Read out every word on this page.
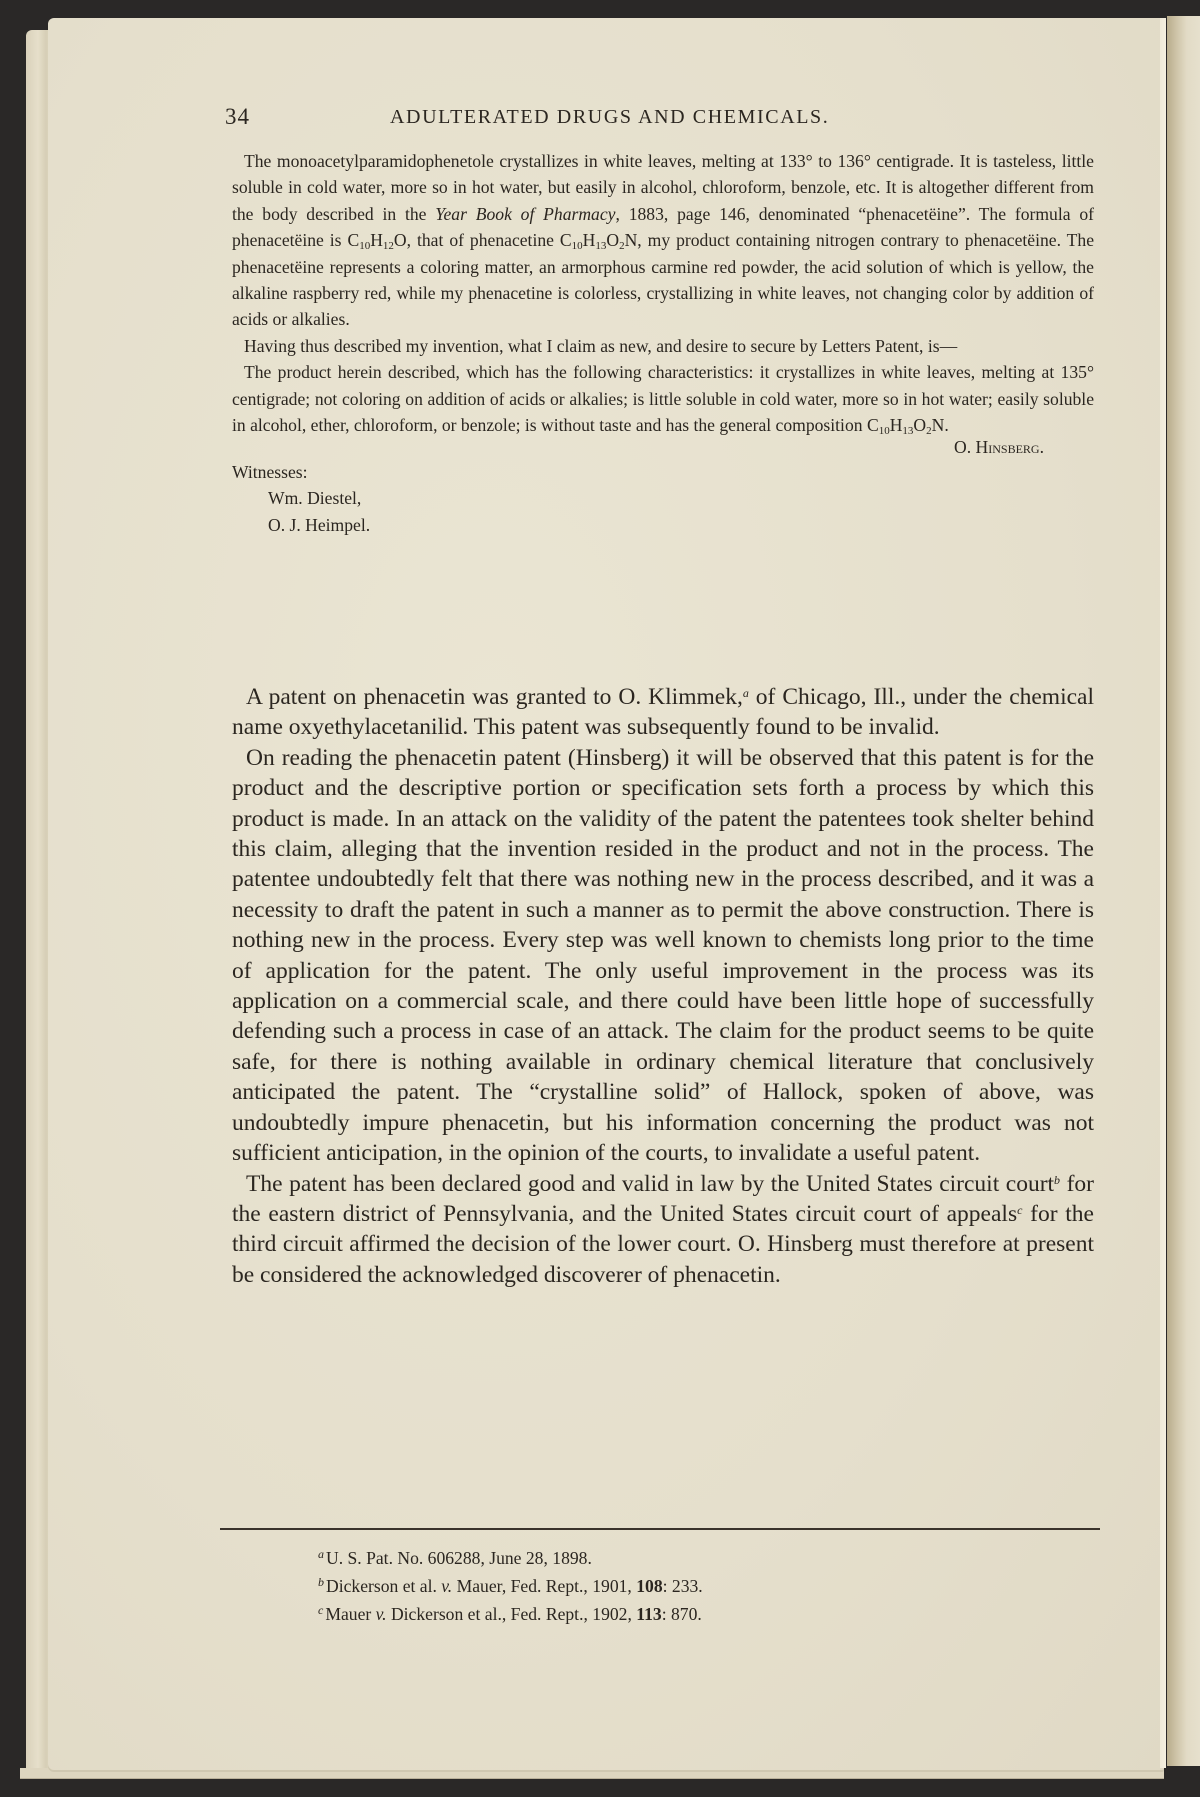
34	ADULTERATED DRUGS AND CHEMICALS.

The monoacetylparamidophenetole crystallizes in white leaves, melting at 133° to 136° centigrade. It is tasteless, little soluble in cold water, more so in hot water, but easily in alcohol, chloroform, benzole, etc. It is altogether different from the body described in the Year Book of Pharmacy, 1883, page 146, denominated “phenacetëine”. The formula of phenacetëine is $C_{10}H_{12}O$, that of phenacetine $C_{10}H_{13}O_2N$, my product containing nitrogen contrary to phenacetëine. The phenacetëine represents a coloring matter, an armorphous carmine red powder, the acid solution of which is yellow, the alkaline raspberry red, while my phenacetine is colorless, crystallizing in white leaves, not changing color by addition of acids or alkalies.

Having thus described my invention, what I claim as new, and desire to secure by Letters Patent, is—

The product herein described, which has the following characteristics: it crystallizes in white leaves, melting at 135° centigrade; not coloring on addition of acids or alkalies; is little soluble in cold water, more so in hot water; easily soluble in alcohol, ether, chloroform, or benzole; is without taste and has the general composition $C_{10}H_{13}O_2N$.

O. Hinsberg.
Witnesses:
Wm. Diestel,
O. J. Heimpel.

A patent on phenacetin was granted to O. Klimmek,$^a$ of Chicago, Ill., under the chemical name oxyethylacetanilid. This patent was subsequently found to be invalid.

On reading the phenacetin patent (Hinsberg) it will be observed that this patent is for the product and the descriptive portion or specification sets forth a process by which this product is made. In an attack on the validity of the patent the patentees took shelter behind this claim, alleging that the invention resided in the product and not in the process. The patentee undoubtedly felt that there was nothing new in the process described, and it was a necessity to draft the patent in such a manner as to permit the above construction. There is nothing new in the process. Every step was well known to chemists long prior to the time of application for the patent. The only useful improvement in the process was its application on a commercial scale, and there could have been little hope of successfully defending such a process in case of an attack. The claim for the product seems to be quite safe, for there is nothing available in ordinary chemical literature that conclusively anticipated the patent. The “crystalline solid” of Hallock, spoken of above, was undoubtedly impure phenacetin, but his information concerning the product was not sufficient anticipation, in the opinion of the courts, to invalidate a useful patent.

The patent has been declared good and valid in law by the United States circuit court$^b$ for the eastern district of Pennsylvania, and the United States circuit court of appeals$^c$ for the third circuit affirmed the decision of the lower court. O. Hinsberg must therefore at present be considered the acknowledged discoverer of phenacetin.

$^a$ U. S. Pat. No. 606288, June 28, 1898.
$^b$ Dickerson et al. v. Mauer, Fed. Rept., 1901, 108: 233.
$^c$ Mauer v. Dickerson et al., Fed. Rept., 1902, 113: 870.
